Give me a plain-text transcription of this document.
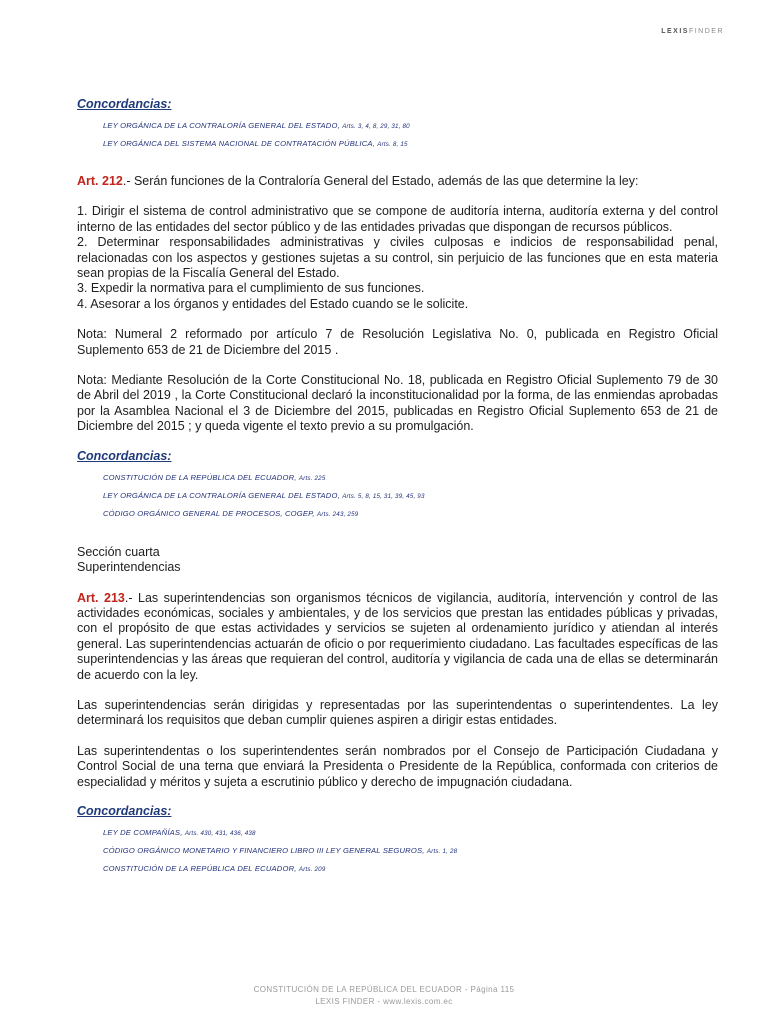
LEXISFINDER
Concordancias:
LEY ORGÁNICA DE LA CONTRALORÍA GENERAL DEL ESTADO, Arts. 3, 4, 8, 29, 31, 80
LEY ORGÁNICA DEL SISTEMA NACIONAL DE CONTRATACIÓN PÚBLICA, Arts. 8, 15

Art. 212.- Serán funciones de la Contraloría General del Estado, además de las que determine la ley:

1. Dirigir el sistema de control administrativo que se compone de auditoría interna, auditoría externa y del control interno de las entidades del sector público y de las entidades privadas que dispongan de recursos públicos.

2. Determinar responsabilidades administrativas y civiles culposas e indicios de responsabilidad penal, relacionadas con los aspectos y gestiones sujetas a su control, sin perjuicio de las funciones que en esta materia sean propias de la Fiscalía General del Estado.

3. Expedir la normativa para el cumplimiento de sus funciones.

4. Asesorar a los órganos y entidades del Estado cuando se le solicite.

Nota: Numeral 2 reformado por artículo 7 de Resolución Legislativa No. 0, publicada en Registro Oficial Suplemento 653 de 21 de Diciembre del 2015 .

Nota: Mediante Resolución de la Corte Constitucional No. 18, publicada en Registro Oficial Suplemento 79 de 30 de Abril del 2019 , la Corte Constitucional declaró la inconstitucionalidad por la forma, de las enmiendas aprobadas por la Asamblea Nacional el 3 de Diciembre del 2015, publicadas en Registro Oficial Suplemento 653 de 21 de Diciembre del 2015 ; y queda vigente el texto previo a su promulgación.

Concordancias:
CONSTITUCIÓN DE LA REPÚBLICA DEL ECUADOR, Arts. 225
LEY ORGÁNICA DE LA CONTRALORÍA GENERAL DEL ESTADO, Arts. 5, 8, 15, 31, 39, 45, 93
CÓDIGO ORGÁNICO GENERAL DE PROCESOS, COGEP, Arts. 243, 259

Sección cuarta

Superintendencias

Art. 213.- Las superintendencias son organismos técnicos de vigilancia, auditoría, intervención y control de las actividades económicas, sociales y ambientales, y de los servicios que prestan las entidades públicas y privadas, con el propósito de que estas actividades y servicios se sujeten al ordenamiento jurídico y atiendan al interés general. Las superintendencias actuarán de oficio o por requerimiento ciudadano. Las facultades específicas de las superintendencias y las áreas que requieran del control, auditoría y vigilancia de cada una de ellas se determinarán de acuerdo con la ley.

Las superintendencias serán dirigidas y representadas por las superintendentas o superintendentes. La ley determinará los requisitos que deban cumplir quienes aspiren a dirigir estas entidades.

Las superintendentas o los superintendentes serán nombrados por el Consejo de Participación Ciudadana y Control Social de una terna que enviará la Presidenta o Presidente de la República, conformada con criterios de especialidad y méritos y sujeta a escrutinio público y derecho de impugnación ciudadana.

Concordancias:
LEY DE COMPAÑÍAS, Arts. 430, 431, 436, 438
CÓDIGO ORGÁNICO MONETARIO Y FINANCIERO LIBRO III LEY GENERAL SEGUROS, Arts. 1, 28
CONSTITUCIÓN DE LA REPÚBLICA DEL ECUADOR, Arts. 209
CONSTITUCIÓN DE LA REPÚBLICA DEL ECUADOR - Página 115
LEXIS FINDER - www.lexis.com.ec
